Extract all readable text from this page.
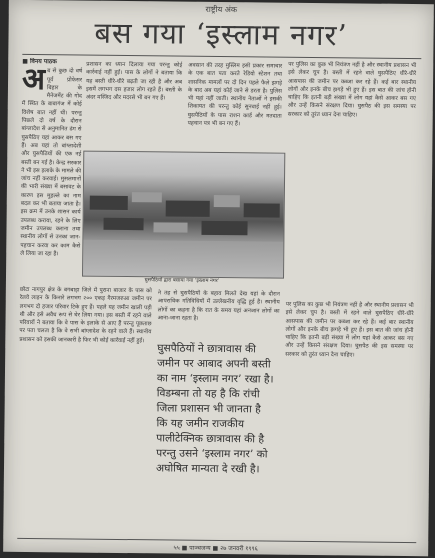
राष्ट्रीय अंक
बस गया ‘इस्लाम नगर’
■ विनय पाठक
अ ब से कुछ दो वर्ष पूर्व प्रोफेसर बिहार के मैनेजमेंट की गोद में स्थित के बाबागंज में कोई विशेष बात नहीं थी। परन्तु पिछले दो वर्ष के दौरान बांग्लादेश से अनुमानित ढंग से घुसपैठिए यहां आकर बस गए हैं। अब यहां तो बांग्लादेशी और घुसपैठियों की एक नई बस्ती बन गई है। केन्द्र सरकार ने भी इस इलाके के मामले की जांच नहीं करवाई। मुसलमानों की भारी संख्या में बसावट के कारण इस मुहल्ले का नाम बदल कर भी बताया जाता है। इस क्रम में उनके शासन कार्य उपलब्ध कराया, रहने के लिए जमीन उपलब्ध कराना तथा स्थानीय लोगों से उनका जान-पहचान करवा कर काम कैसे ले लिया जा रहा है।

प्रशासन का ध्यान दिलाया गया परन्तु कोई कार्रवाई नहीं हुई। पास के लोगों ने बताया कि यह बस्ती धीरे-धीरे बढ़ती जा रही है और अब इसमें लगभग दस हजार लोग रहते हैं। बस्ती के अंदर मस्जिद और मदरसे भी बन गए हैं।

अवसान की तरह मुस्लिम इसी प्रकार समाचार के एक बात पता करते रेडियो स्टेशन तथा शासनिक मामलों पर दो दिन पहले फैले झगड़े के बाद अब यहां कोई जाने से डरता है। पुलिस भी यहां नहीं जाती। स्थानीय नेताओं ने इसकी शिकायत की परन्तु कोई सुनवाई नहीं हुई। घुसपैठियों के पास राशन कार्ड और मतदाता पहचान पत्र भी बन गए हैं।

पर पुलिस का कुछ भी नियंत्रण नहीं है और स्थानीय प्रशासन भी इसे लेकर चुप है। बस्ती में रहने वाले घुसपैठिए धीरे-धीरे आसपास की जमीन पर कब्जा कर रहे हैं। कई बार स्थानीय लोगों और इनके बीच झगड़े भी हुए हैं। इस बात की जांच होनी चाहिए कि इतनी बड़ी संख्या में लोग यहां कैसे आकर बस गए और उन्हें किसने संरक्षण दिया। घुसपैठ की इस समस्या पर सरकार को तुरंत ध्यान देना चाहिए।

घुसपैठियों द्वारा बसाया गया ‘इस्लाम नगर’

छोटा नागपुर क्षेत्र के बगबाड़ा जिले में पुराना बाजार के पास को रेलवे लाइन के किनारे लगभग २०० एकड़ गैरमजरुआ जमीन पर लगभग दो हजार परिवार टिके हुए हैं। पहले यह जमीन खाली पड़ी थी और इसे अवैध रूप से घेर लिया गया। इस बस्ती में रहने वाले परिवारों ने बताया कि वे पास के इलाके से आए हैं परन्तु पूछताछ पर पता चलता है कि वे सभी बांग्लादेश के रहने वाले हैं। स्थानीय प्रशासन को इसकी जानकारी है फिर भी कोई कार्रवाई नहीं हुई।

ने तह से घुसपैठियों के बहाव मिलते देख यहां के दौरान आपराधिक गतिविधियों में उल्लेखनीय वृद्धि हुई है। स्थानीय लोगों का कहना है कि रात के समय यहां अनजान लोगों का आना-जाना रहता है।

घुसपैठियों ने छात्रावास की जमीन पर आबाद अपनी बस्ती का नाम ‘इस्लाम नगर’ रखा है। विडम्बना तो यह है कि रांची जिला प्रशासन भी जानता है कि यह जमीन राजकीय पालीटेक्निक छात्रावास की है परन्तु उसने ‘इस्लाम नगर’ को अघोषित मान्यता दे रखी है।

पर पुलिस का कुछ भी नियंत्रण नहीं है और स्थानीय प्रशासन भी इसे लेकर चुप है। बस्ती में रहने वाले घुसपैठिए धीरे-धीरे आसपास की जमीन पर कब्जा कर रहे हैं। कई बार स्थानीय लोगों और इनके बीच झगड़े भी हुए हैं। इस बात की जांच होनी चाहिए कि इतनी बड़ी संख्या में लोग यहां कैसे आकर बस गए और उन्हें किसने संरक्षण दिया। घुसपैठ की इस समस्या पर सरकार को तुरंत ध्यान देना चाहिए।

५५ ■ पाञ्चजन्य ■ २७ जनवरी १९९६
